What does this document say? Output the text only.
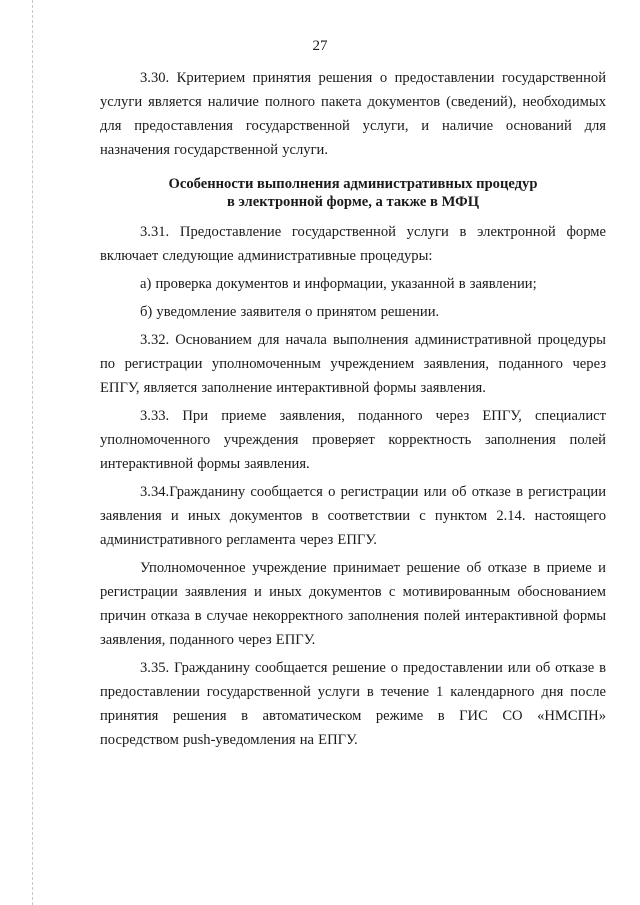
27

3.30. Критерием принятия решения о предоставлении государственной услуги является наличие полного пакета документов (сведений), необходимых для предоставления государственной услуги, и наличие оснований для назначения государственной услуги.

Особенности выполнения административных процедур
в электронной форме, а также в МФЦ

3.31. Предоставление государственной услуги в электронной форме включает следующие административные процедуры:

а) проверка документов и информации, указанной в заявлении;

б) уведомление заявителя о принятом решении.

3.32. Основанием для начала выполнения административной процедуры по регистрации уполномоченным учреждением заявления, поданного через ЕПГУ, является заполнение интерактивной формы заявления.

3.33. При приеме заявления, поданного через ЕПГУ, специалист уполномоченного учреждения проверяет корректность заполнения полей интерактивной формы заявления.

3.34.Гражданину сообщается о регистрации или об отказе в регистрации заявления и иных документов в соответствии с пунктом 2.14. настоящего административного регламента через ЕПГУ.

Уполномоченное учреждение принимает решение об отказе в приеме и регистрации заявления и иных документов с мотивированным обоснованием причин отказа в случае некорректного заполнения полей интерактивной формы заявления, поданного через ЕПГУ.

3.35. Гражданину сообщается решение о предоставлении или об отказе в предоставлении государственной услуги в течение 1 календарного дня после принятия решения в автоматическом режиме в ГИС СО «НМСПН» посредством push-уведомления на ЕПГУ.
